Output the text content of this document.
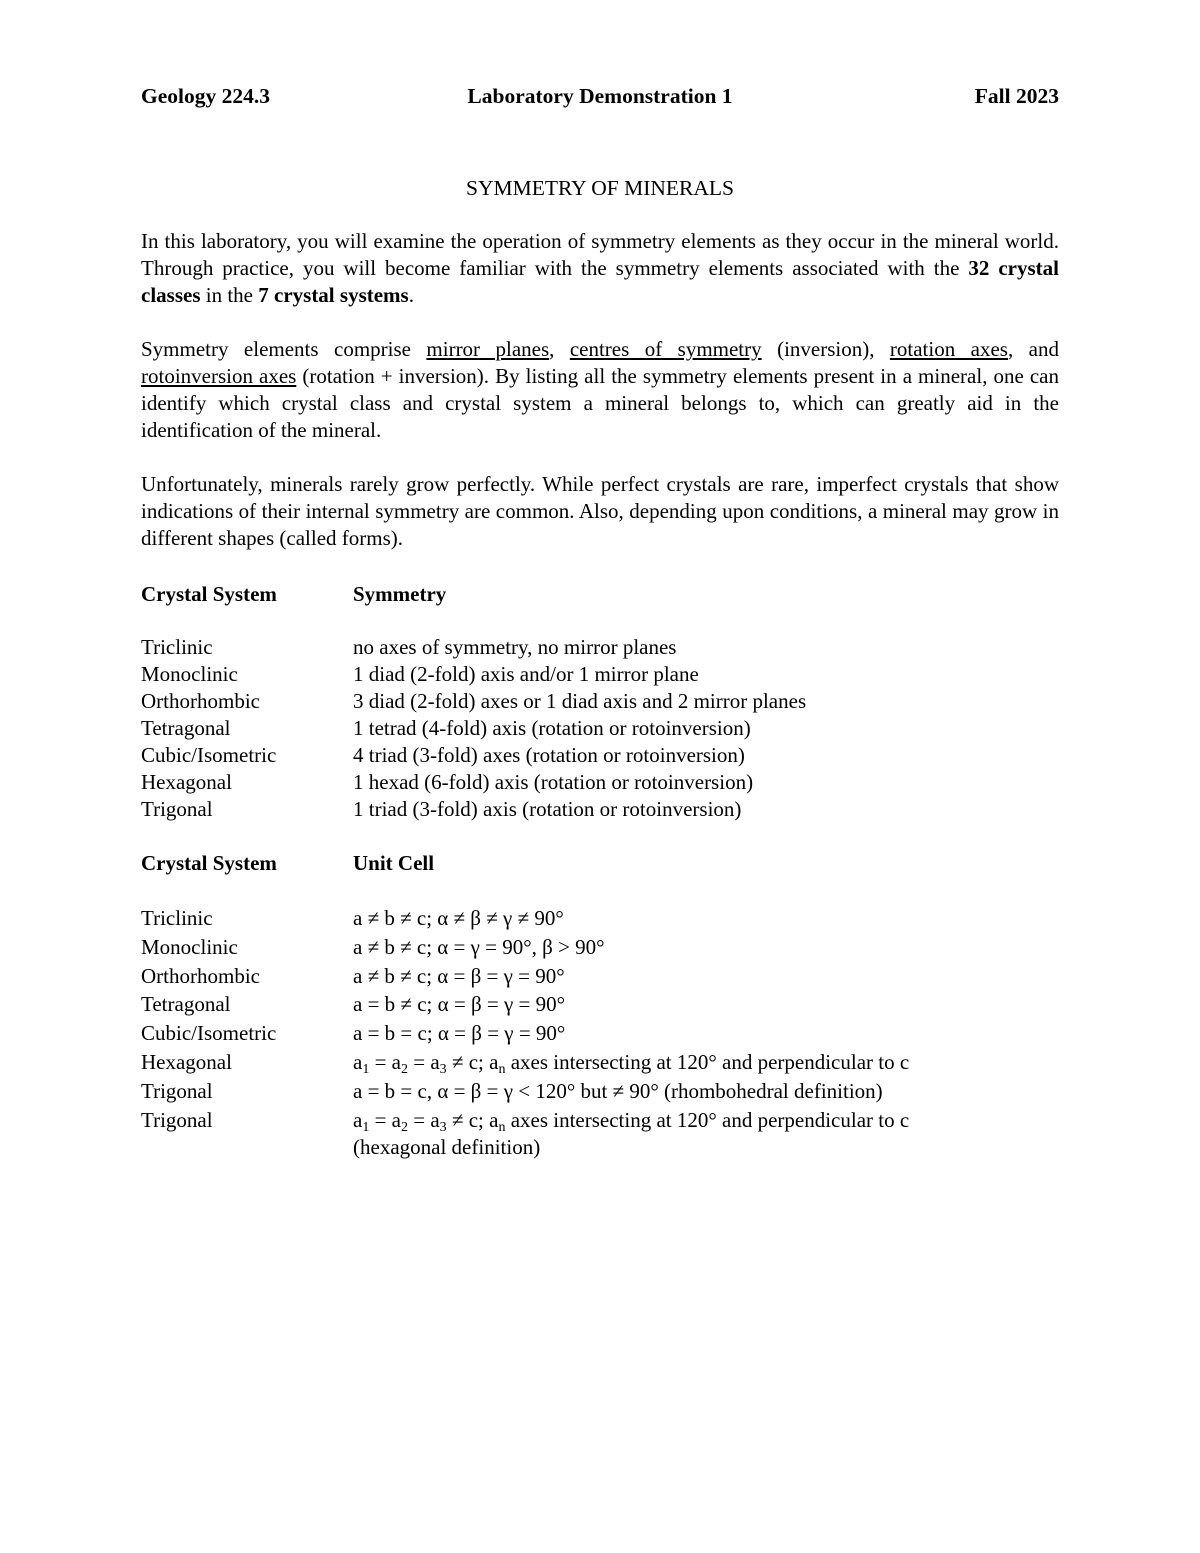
Geology 224.3	Laboratory Demonstration 1	Fall 2023
SYMMETRY OF MINERALS
In this laboratory, you will examine the operation of symmetry elements as they occur in the mineral world. Through practice, you will become familiar with the symmetry elements associated with the 32 crystal classes in the 7 crystal systems.
Symmetry elements comprise mirror planes, centres of symmetry (inversion), rotation axes, and rotoinversion axes (rotation + inversion). By listing all the symmetry elements present in a mineral, one can identify which crystal class and crystal system a mineral belongs to, which can greatly aid in the identification of the mineral.
Unfortunately, minerals rarely grow perfectly. While perfect crystals are rare, imperfect crystals that show indications of their internal symmetry are common. Also, depending upon conditions, a mineral may grow in different shapes (called forms).
Crystal System	Symmetry
Triclinic	no axes of symmetry, no mirror planes
Monoclinic	1 diad (2-fold) axis and/or 1 mirror plane
Orthorhombic	3 diad (2-fold) axes or 1 diad axis and 2 mirror planes
Tetragonal	1 tetrad (4-fold) axis (rotation or rotoinversion)
Cubic/Isometric	4 triad (3-fold) axes (rotation or rotoinversion)
Hexagonal	1 hexad (6-fold) axis (rotation or rotoinversion)
Trigonal	1 triad (3-fold) axis (rotation or rotoinversion)
Crystal System	Unit Cell
Triclinic	a ≠ b ≠ c; α ≠ β ≠ γ ≠ 90°
Monoclinic	a ≠ b ≠ c; α = γ = 90°, β > 90°
Orthorhombic	a ≠ b ≠ c; α = β = γ = 90°
Tetragonal	a = b ≠ c; α = β = γ = 90°
Cubic/Isometric	a = b = c; α = β = γ = 90°
Hexagonal	$a_1 = a_2 = a_3 \ne c$; $a_n$ axes intersecting at 120° and perpendicular to c
Trigonal	a = b = c, α = β = γ < 120° but ≠ 90° (rhombohedral definition)
Trigonal	$a_1 = a_2 = a_3 \ne c$; $a_n$ axes intersecting at 120° and perpendicular to c
(hexagonal definition)
